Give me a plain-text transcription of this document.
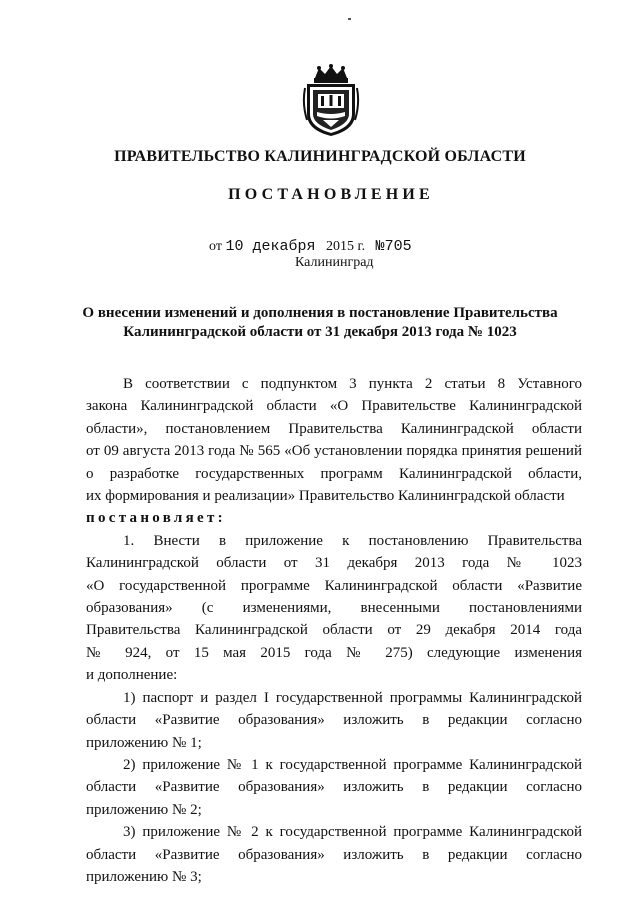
ПРАВИТЕЛЬСТВО КАЛИНИНГРАДСКОЙ ОБЛАСТИ
ПОСТАНОВЛЕНИЕ
от 10 декабря 2015 г. №705
Калининград
О внесении изменений и дополнения в постановление Правительства
Калининградской области от 31 декабря 2013 года № 1023

В соответствии с подпунктом 3 пункта 2 статьи 8 Уставного

закона Калининградской области «О Правительстве Калининградской

области», постановлением Правительства Калининградской области

от 09 августа 2013 года № 565 «Об установлении порядка принятия решений

о разработке государственных программ Калининградской области,

их формирования и реализации» Правительство Калининградской области

постановляет:

1. Внести в приложение к постановлению Правительства

Калининградской области от 31 декабря 2013 года № 1023

«О государственной программе Калининградской области «Развитие

образования» (с изменениями, внесенными постановлениями

Правительства Калининградской области от 29 декабря 2014 года

№ 924, от 15 мая 2015 года № 275) следующие изменения

и дополнение:

1) паспорт и раздел I государственной программы Калининградской

области «Развитие образования» изложить в редакции согласно

приложению № 1;

2) приложение № 1 к государственной программе Калининградской

области «Развитие образования» изложить в редакции согласно

приложению № 2;

3) приложение № 2 к государственной программе Калининградской

области «Развитие образования» изложить в редакции согласно

приложению № 3;
